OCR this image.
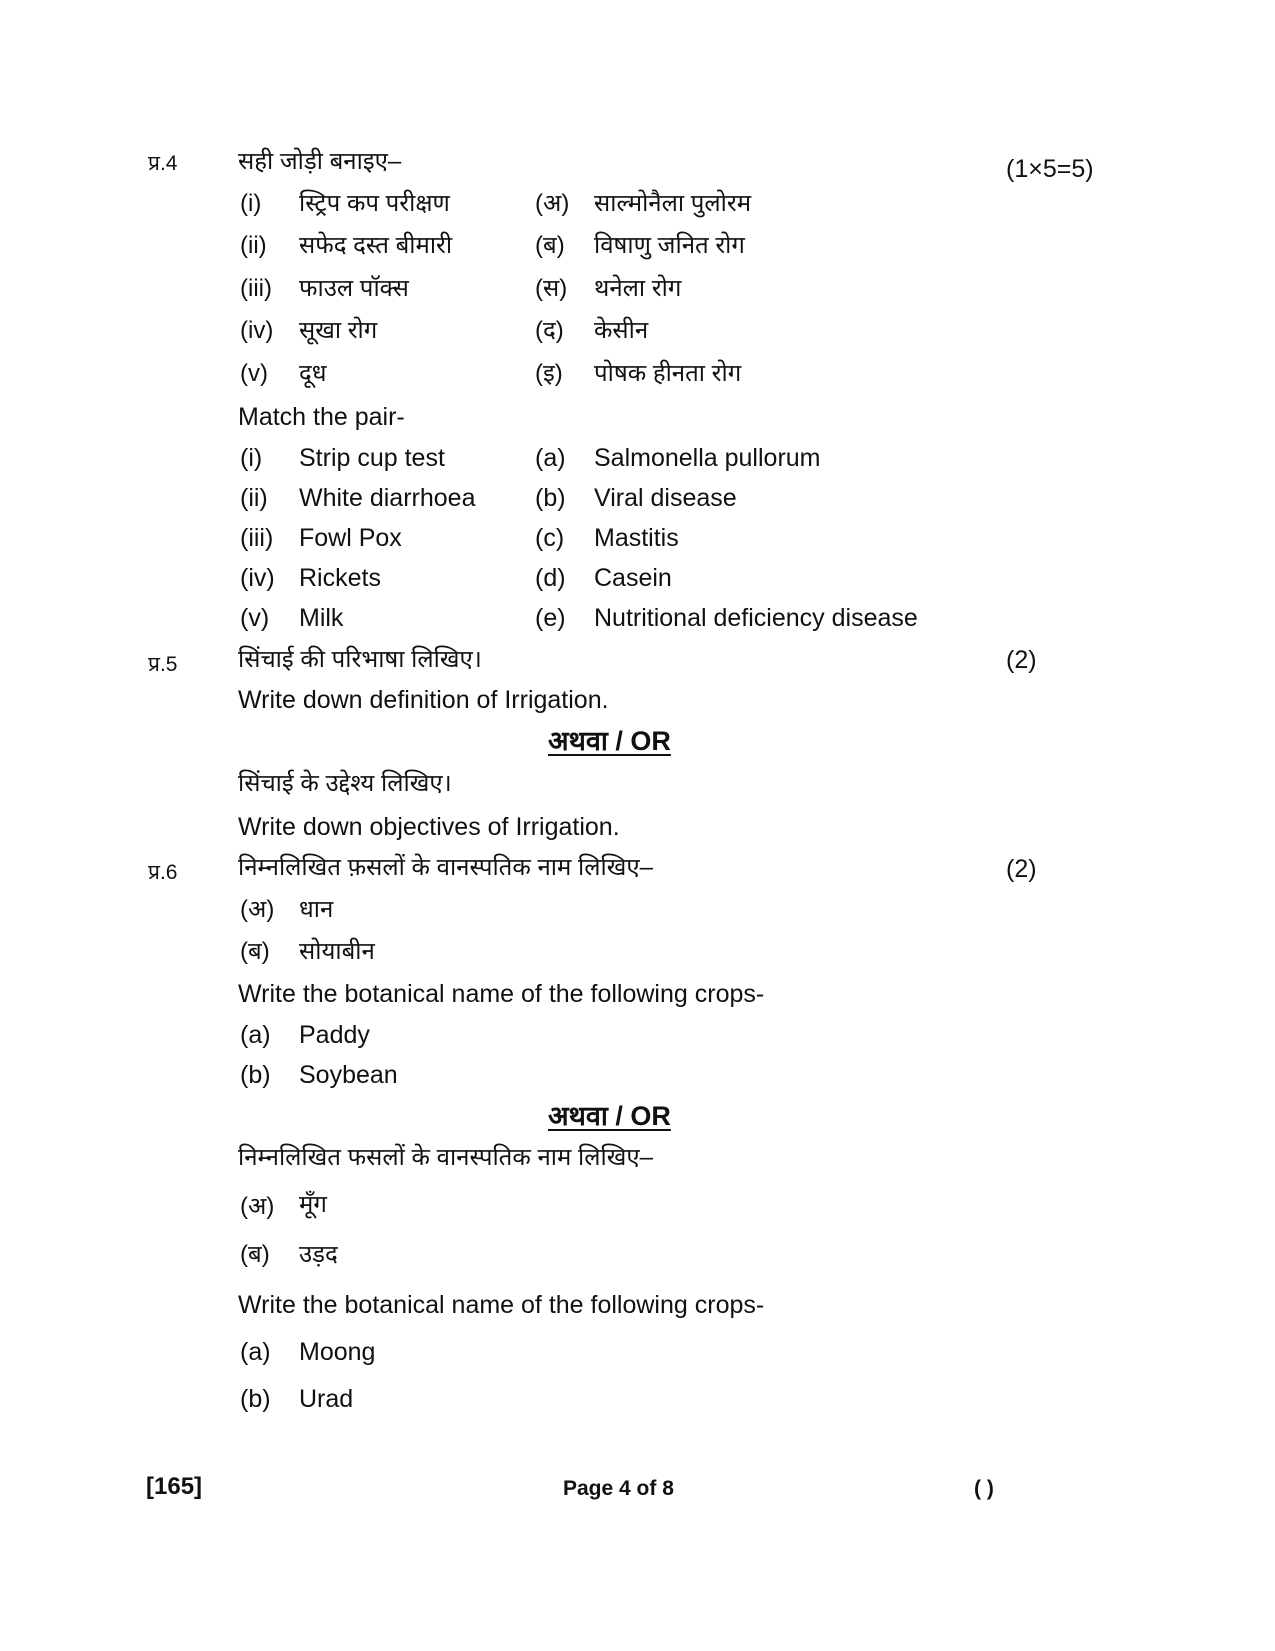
प्र.4	सही जोड़ी बनाइए–	(1×5=5)
(i) स्ट्रिप कप परीक्षण	(अ) साल्मोनैला पुलोरम
(ii) सफेद दस्त बीमारी	(ब) विषाणु जनित रोग
(iii) फाउल पॉक्स	(स) थनेला रोग
(iv) सूखा रोग	(द) केसीन
(v) दूध	(इ) पोषक हीनता रोग
Match the pair-
(i) Strip cup test	(a) Salmonella pullorum
(ii) White diarrhoea (b) Viral disease
(iii) Fowl Pox	(c) Mastitis
(iv) Rickets	(d) Casein
(v) Milk	(e) Nutritional deficiency disease
प्र.5	सिंचाई की परिभाषा लिखिए।	(2)
Write down definition of Irrigation.
अथवा / OR
सिंचाई के उद्देश्य लिखिए।
Write down objectives of Irrigation.
प्र.6	निम्नलिखित फ़सलों के वानस्पतिक नाम लिखिए–	(2)
(अ) धान
(ब) सोयाबीन
Write the botanical name of the following crops-
(a) Paddy
(b) Soybean
अथवा / OR
निम्नलिखित फसलों के वानस्पतिक नाम लिखिए–
(अ) मूँग
(ब) उड़द
Write the botanical name of the following crops-
(a) Moong
(b) Urad
[165]	Page 4 of 8	( )
